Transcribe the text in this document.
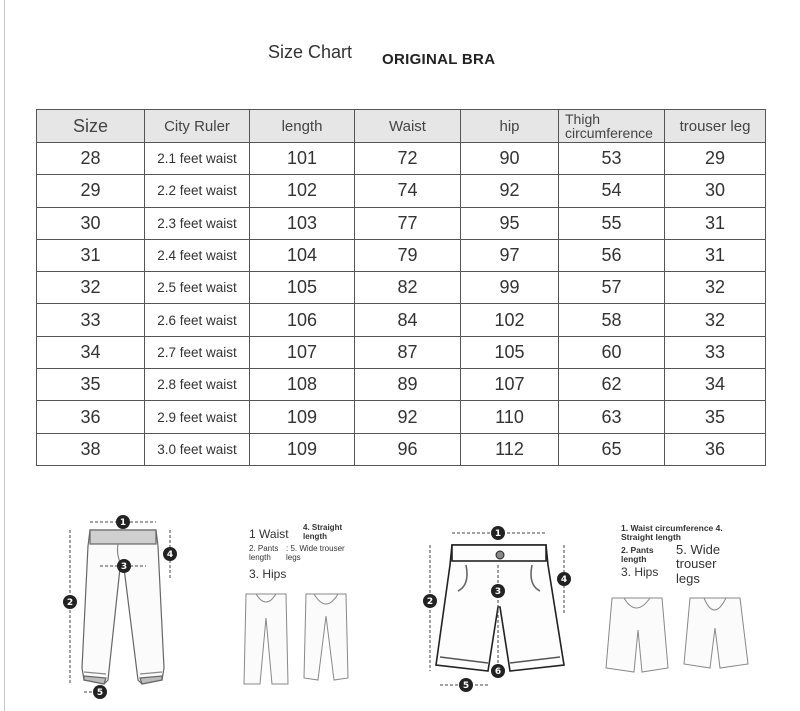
Size Chart ORIGINAL BRA
Size	City Ruler	length	Waist	hip	Thigh circumference	trouser leg
28	2.1 feet waist	101	72	90	53	29
29	2.2 feet waist	102	74	92	54	30
30	2.3 feet waist	103	77	95	55	31
31	2.4 feet waist	104	79	97	56	31
32	2.5 feet waist	105	82	99	57	32
33	2.6 feet waist	106	84	102	58	32
34	2.7 feet waist	107	87	105	60	33
35	2.8 feet waist	108	89	107	62	34
36	2.9 feet waist	109	92	110	63	35
38	3.0 feet waist	109	96	112	65	36
1
2
3
4
5
1 Waist 4. Straight length
2. Pants length
: 5. Wide trouser legs
3. Hips
1
2
3
4
5
6
1. Waist circumference 4. Straight length
2. Pants length
5. Wide trouser legs
3. Hips
